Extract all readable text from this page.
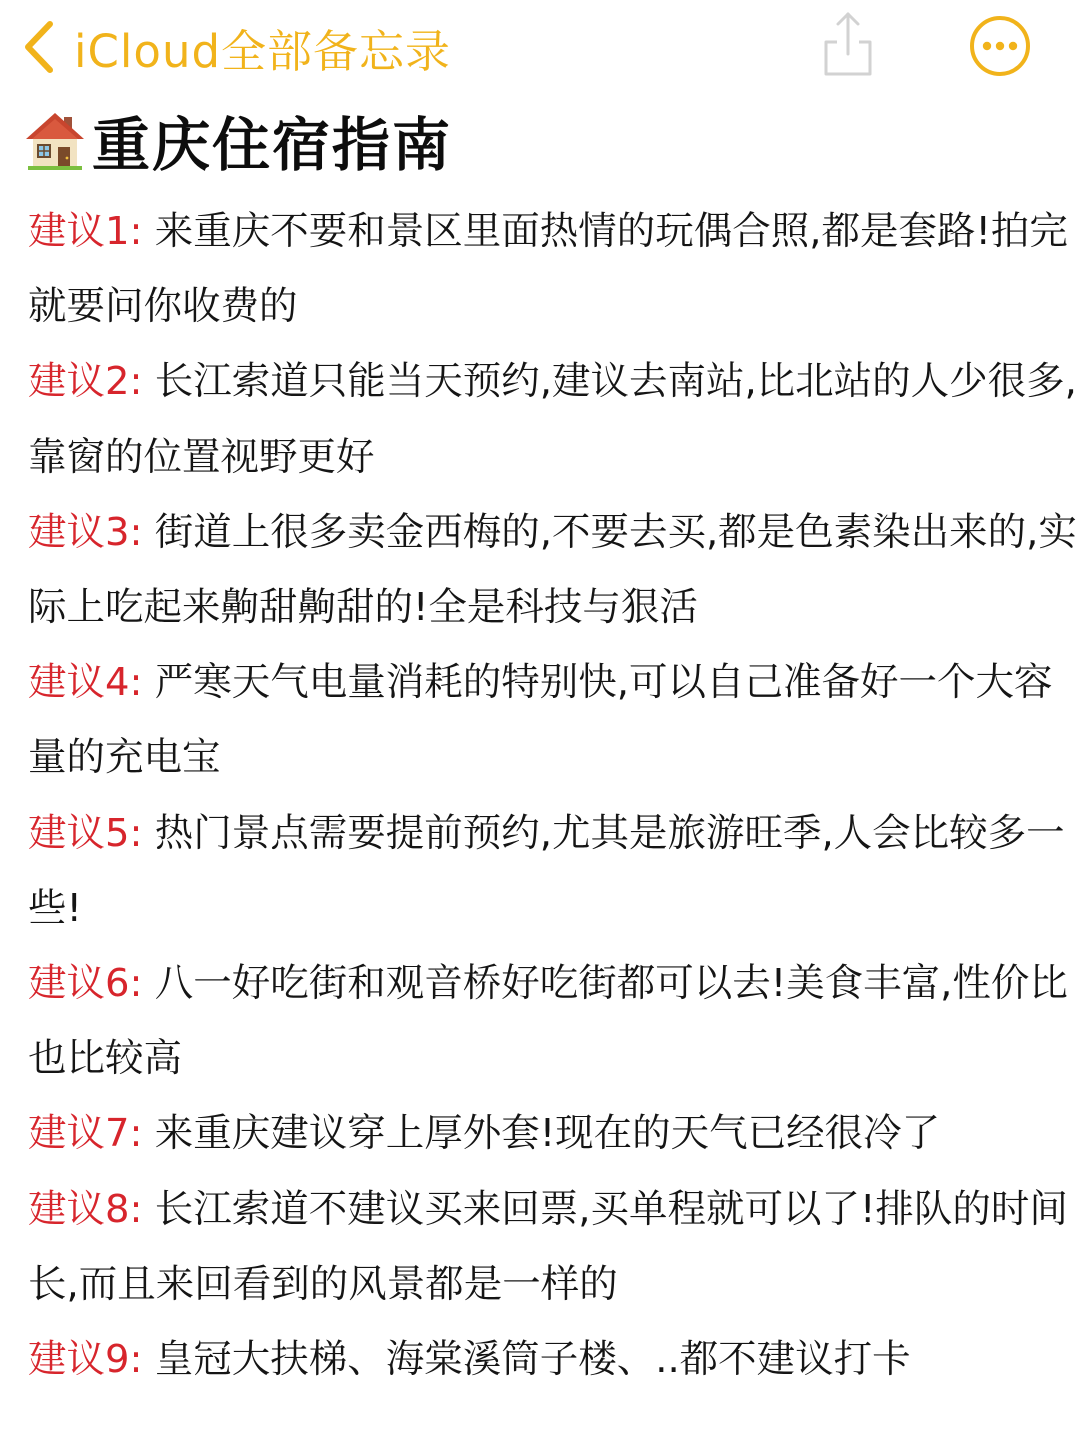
iCloud全部备忘录
重庆住宿指南

建议1: 来重庆不要和景区里面热情的玩偶合照,都是套路!拍完就要问你收费的

建议2: 长江索道只能当天预约,建议去南站,比北站的人少很多,靠窗的位置视野更好

建议3: 街道上很多卖金西梅的,不要去买,都是色素染出来的,实际上吃起来齁甜齁甜的!全是科技与狠活

建议4: 严寒天气电量消耗的特别快,可以自己准备好一个大容量的充电宝

建议5: 热门景点需要提前预约,尤其是旅游旺季,人会比较多一些!

建议6: 八一好吃街和观音桥好吃街都可以去!美食丰富,性价比也比较高

建议7: 来重庆建议穿上厚外套!现在的天气已经很冷了

建议8: 长江索道不建议买来回票,买单程就可以了!排队的时间长,而且来回看到的风景都是一样的

建议9: 皇冠大扶梯、海棠溪筒子楼、..都不建议打卡
